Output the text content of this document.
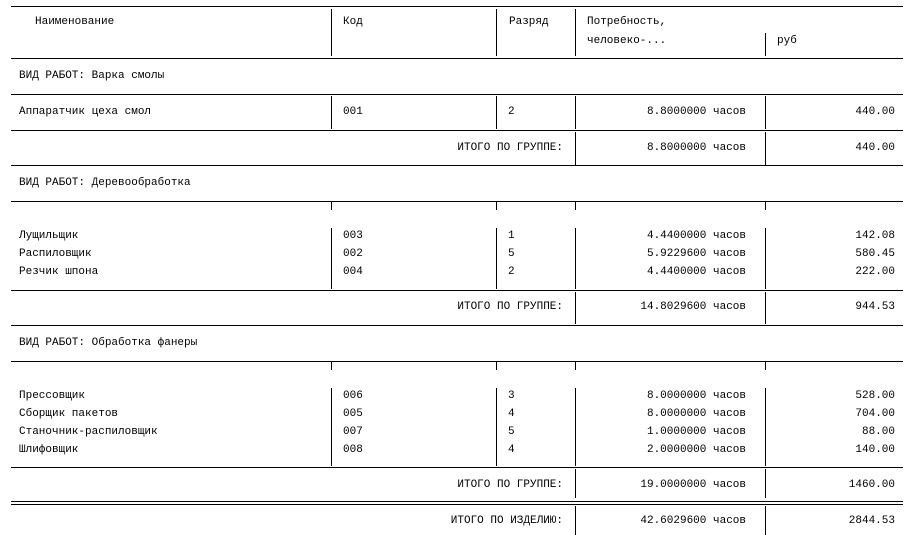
Наименование	Код	Разряд	Потребность,
человеко-...	руб
ВИД РАБОТ: Варка смолы
Аппаратчик цеха смол	001	2	8.8000000 часов	440.00
ИТОГО ПО ГРУППЕ:	8.8000000 часов	440.00
ВИД РАБОТ: Деревообработка
Лущильщик	003	1	4.4400000 часов	142.08
Распиловщик	002	5	5.9229600 часов	580.45
Резчик шпона	004	2	4.4400000 часов	222.00
ИТОГО ПО ГРУППЕ:	14.8029600 часов	944.53
ВИД РАБОТ: Обработка фанеры
Прессовщик	006	3	8.0000000 часов	528.00
Сборщик пакетов	005	4	8.0000000 часов	704.00
Станочник-распиловщик	007	5	1.0000000 часов	88.00
Шлифовщик	008	4	2.0000000 часов	140.00
ИТОГО ПО ГРУППЕ:	19.0000000 часов	1460.00
ИТОГО ПО ИЗДЕЛИЮ:	42.6029600 часов	2844.53
